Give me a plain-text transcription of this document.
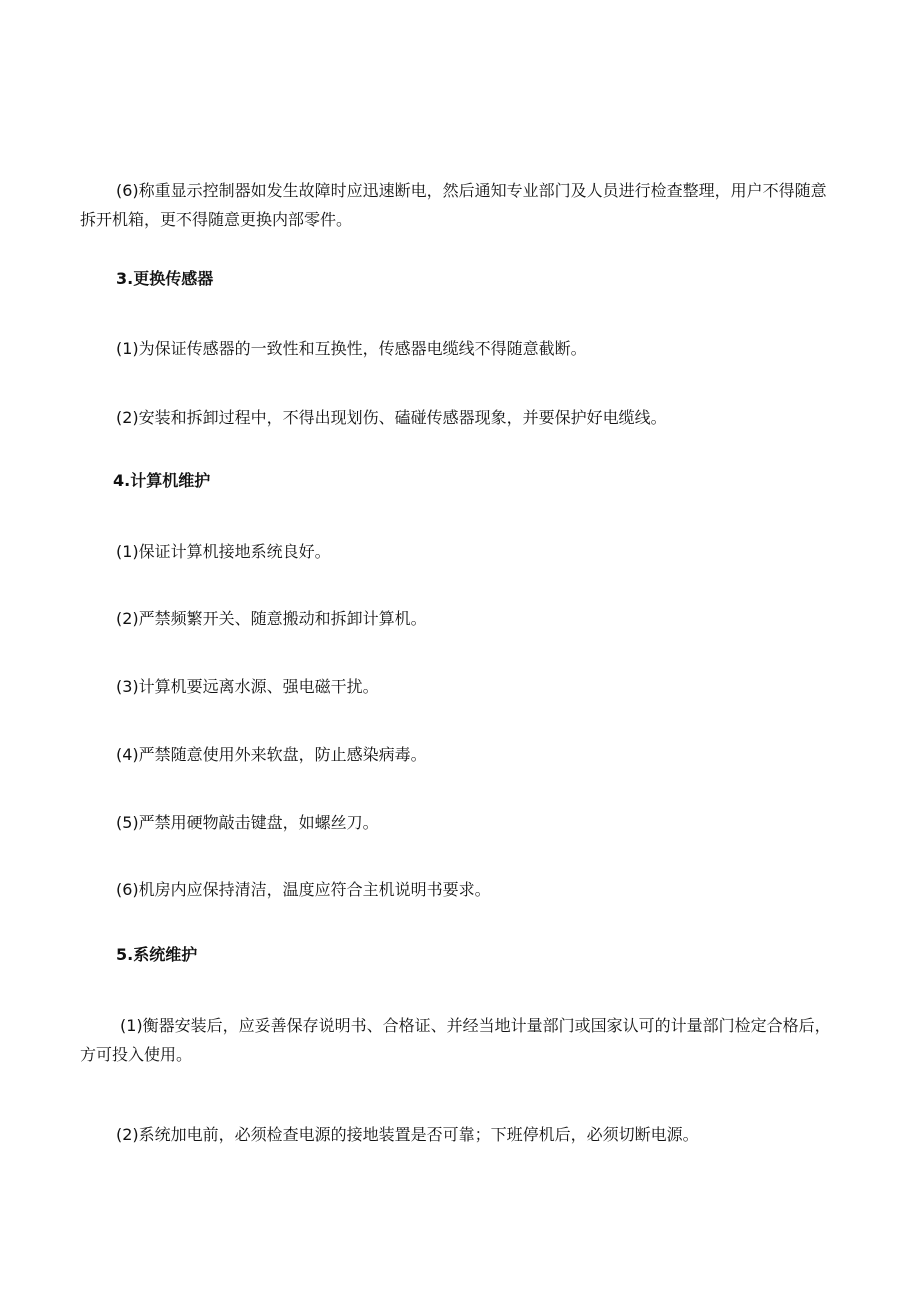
(6)称重显示控制器如发生故障时应迅速断电，然后通知专业部门及人员进行检查整理，用户不得随意拆开机箱，更不得随意更换内部零件。

3.更换传感器

(1)为保证传感器的一致性和互换性，传感器电缆线不得随意截断。

(2)安装和拆卸过程中，不得出现划伤、磕碰传感器现象，并要保护好电缆线。

4.计算机维护

(1)保证计算机接地系统良好。

(2)严禁频繁开关、随意搬动和拆卸计算机。

(3)计算机要远离水源、强电磁干扰。

(4)严禁随意使用外来软盘，防止感染病毒。

(5)严禁用硬物敲击键盘，如螺丝刀。

(6)机房内应保持清洁，温度应符合主机说明书要求。

5.系统维护

(1)衡器安装后，应妥善保存说明书、合格证、并经当地计量部门或国家认可的计量部门检定合格后，方可投入使用。

(2)系统加电前，必须检查电源的接地装置是否可靠；下班停机后，必须切断电源。
